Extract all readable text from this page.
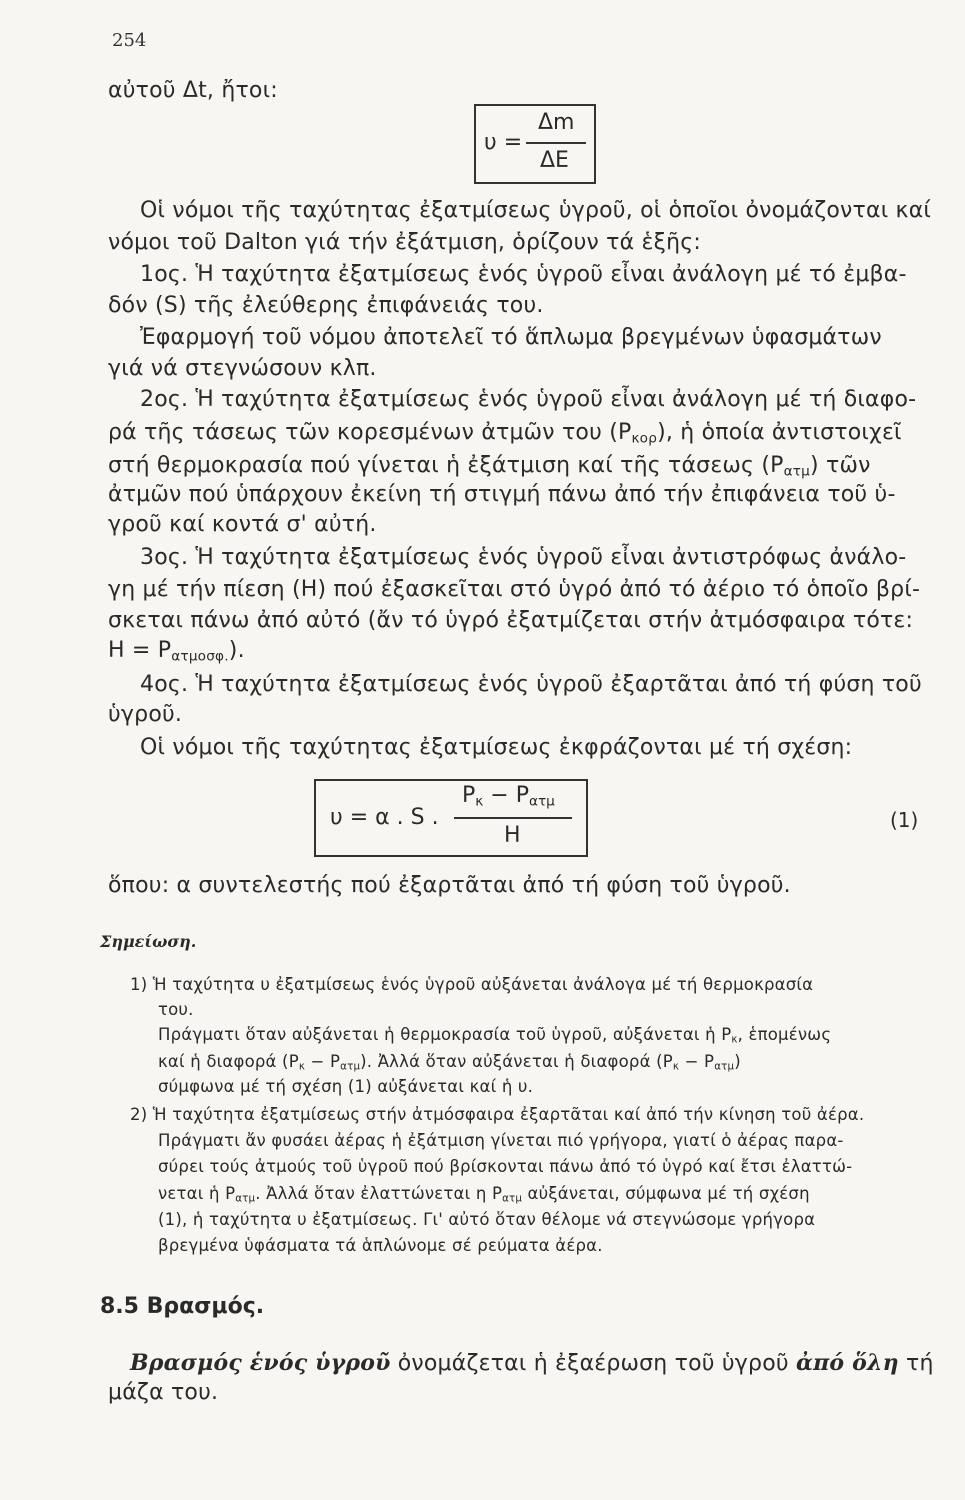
254
αὐτοῦ Δt, ἤτοι:
υ =
Δm
ΔΕ
Οἱ νόμοι τῆς ταχύτητας ἐξατμίσεως ὑγροῦ, οἱ ὁποῖοι ὀνομάζονται καί
νόμοι τοῦ Dalton γιά τήν ἐξάτμιση, ὁρίζουν τά ἑξῆς:
1ος. Ἡ ταχύτητα ἐξατμίσεως ἑνός ὑγροῦ εἶναι ἀνάλογη μέ τό ἐμβα-
δόν (S) τῆς ἐλεύθερης ἐπιφάνειάς του.
Ἐφαρμογή τοῦ νόμου ἀποτελεῖ τό ἅπλωμα βρεγμένων ὑφασμάτων
γιά νά στεγνώσουν κλπ.
2ος. Ἡ ταχύτητα ἐξατμίσεως ἑνός ὑγροῦ εἶναι ἀνάλογη μέ τή διαφο-
ρά τῆς τάσεως τῶν κορεσμένων ἀτμῶν του $(P_{\kappa o\rho})$, ἡ ὁποία ἀντιστοιχεῖ
στή θερμοκρασία πού γίνεται ἡ ἐξάτμιση καί τῆς τάσεως $(P_{\alpha\tau\mu})$ τῶν
ἀτμῶν πού ὑπάρχουν ἐκείνη τή στιγμή πάνω ἀπό τήν ἐπιφάνεια τοῦ ὑ-
γροῦ καί κοντά σ' αὐτή.
3ος. Ἡ ταχύτητα ἐξατμίσεως ἑνός ὑγροῦ εἶναι ἀντιστρόφως ἀνάλο-
γη μέ τήν πίεση (Η) πού ἐξασκεῖται στό ὑγρό ἀπό τό ἀέριο τό ὁποῖο βρί-
σκεται πάνω ἀπό αὐτό (ἄν τό ὑγρό ἐξατμίζεται στήν ἀτμόσφαιρα τότε:
$H = P_{\alpha\tau\mu o\sigma\varphi.}$).
4ος. Ἡ ταχύτητα ἐξατμίσεως ἑνός ὑγροῦ ἐξαρτᾶται ἀπό τή φύση τοῦ
ὑγροῦ.
Οἱ νόμοι τῆς ταχύτητας ἐξατμίσεως ἐκφράζονται μέ τή σχέση:
υ = α . S .
$P_\kappa - P_{\alpha\tau\mu}$
Η
(1)
ὅπου: α συντελεστής πού ἐξαρτᾶται ἀπό τή φύση τοῦ ὑγροῦ.
Σημείωση.
1) Ἡ ταχύτητα υ ἐξατμίσεως ἑνός ὑγροῦ αὐξάνεται ἀνάλογα μέ τή θερμοκρασία
του.
Πράγματι ὅταν αὐξάνεται ἡ θερμοκρασία τοῦ ὑγροῦ, αὐξάνεται ἡ $P_\kappa$, ἑπομένως
καί ἡ διαφορά $(P_\kappa - P_{\alpha\tau\mu})$. Ἀλλά ὅταν αὐξάνεται ἡ διαφορά $(P_\kappa - P_{\alpha\tau\mu})$
σύμφωνα μέ τή σχέση (1) αὐξάνεται καί ἡ υ.
2) Ἡ ταχύτητα ἐξατμίσεως στήν ἀτμόσφαιρα ἐξαρτᾶται καί ἀπό τήν κίνηση τοῦ ἀέρα.
Πράγματι ἄν φυσάει ἀέρας ἡ ἐξάτμιση γίνεται πιό γρήγορα, γιατί ὁ ἀέρας παρα-
σύρει τούς ἀτμούς τοῦ ὑγροῦ πού βρίσκονται πάνω ἀπό τό ὑγρό καί ἔτσι ἐλαττώ-
νεται ἡ $P_{\alpha\tau\mu}$. Ἀλλά ὅταν ἐλαττώνεται η $P_{\alpha\tau\mu}$ αὐξάνεται, σύμφωνα μέ τή σχέση
(1), ἡ ταχύτητα υ ἐξατμίσεως. Γι' αὐτό ὅταν θέλομε νά στεγνώσομε γρήγορα
βρεγμένα ὑφάσματα τά ἁπλώνομε σέ ρεύματα ἀέρα.
8.5 Βρασμός.
Βρασμός ἑνός ὑγροῦ ὀνομάζεται ἡ ἐξαέρωση τοῦ ὑγροῦ ἀπό ὅλη τή
μάζα του.
